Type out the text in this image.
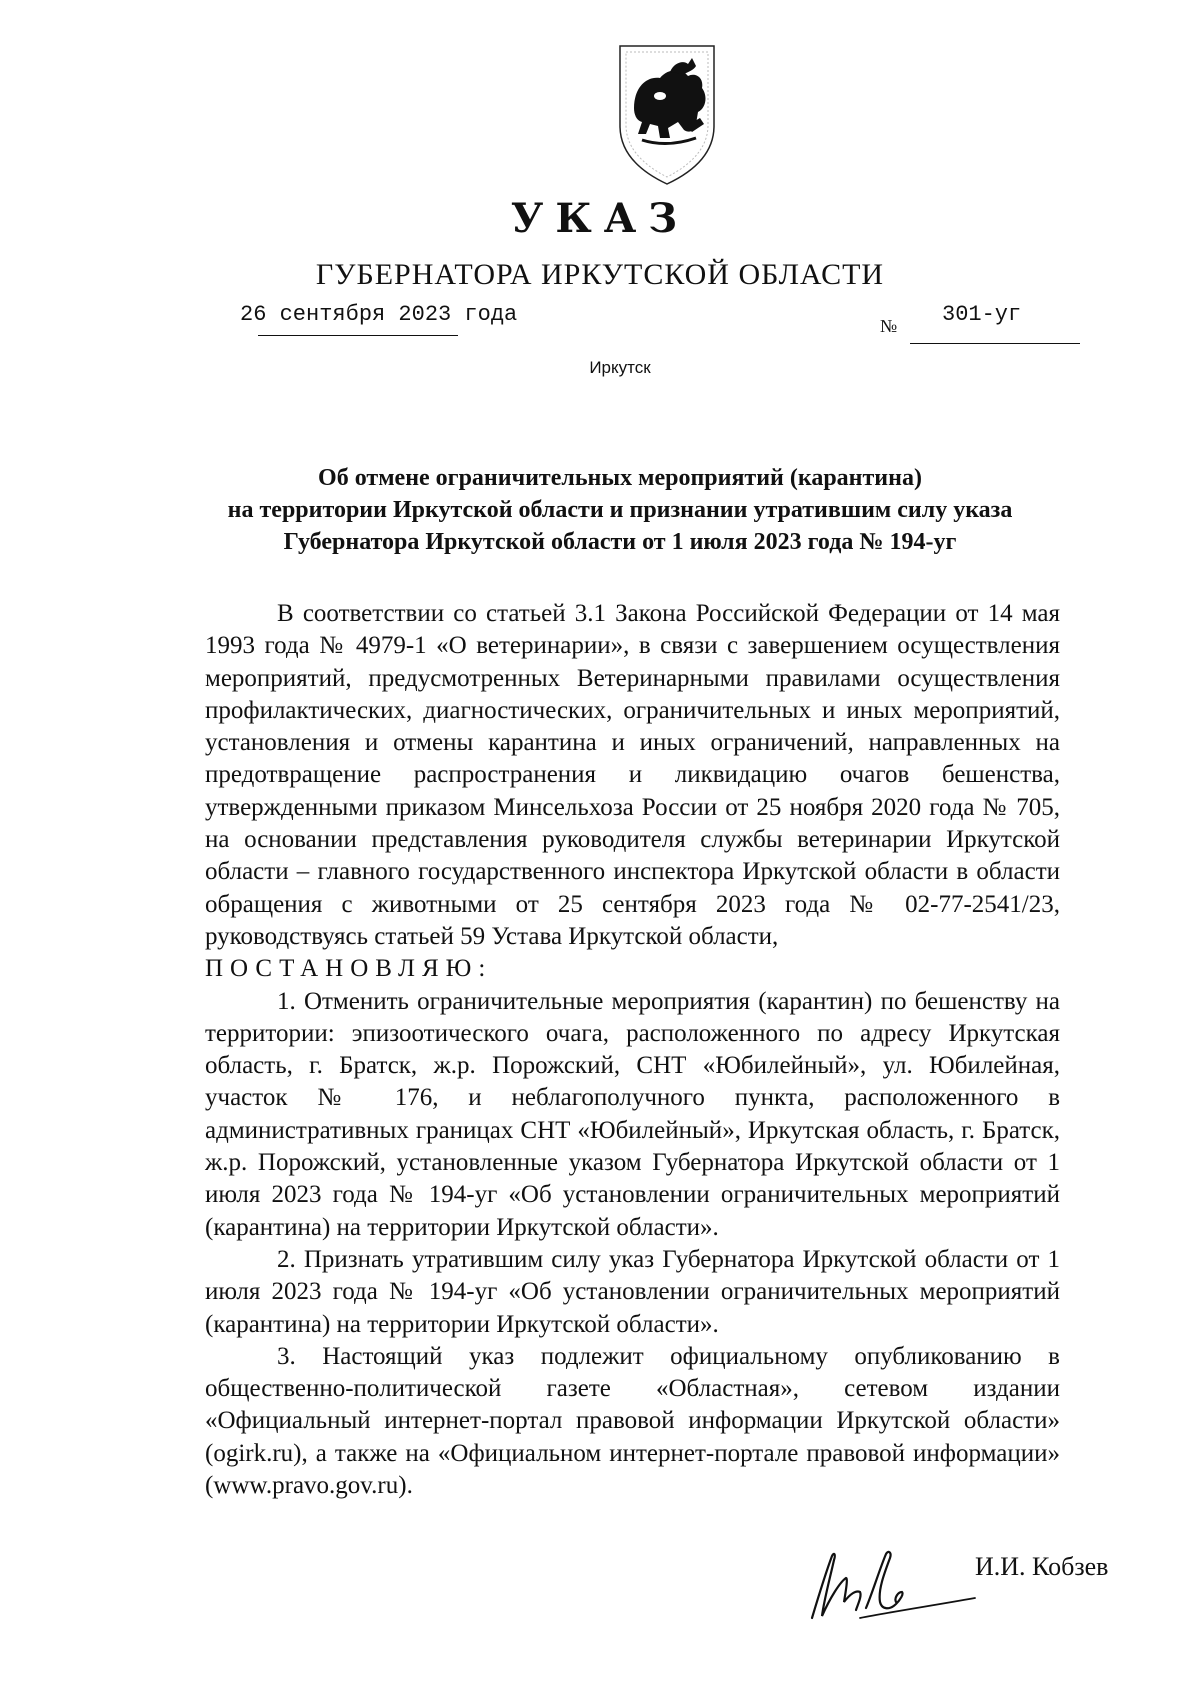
УКАЗ
ГУБЕРНАТОРА ИРКУТСКОЙ ОБЛАСТИ
26 сентября 2023 года	№ 301-уг
Иркутск
Об отмене ограничительных мероприятий (карантина)
на территории Иркутской области и признании утратившим силу указа
Губернатора Иркутской области от 1 июля 2023 года № 194-уг

В соответствии со статьей 3.1 Закона Российской Федерации от 14 мая 1993 года № 4979-1 «О ветеринарии», в связи с завершением осуществления мероприятий, предусмотренных Ветеринарными правилами осуществления профилактических, диагностических, ограничительных и иных мероприятий, установления и отмены карантина и иных ограничений, направленных на предотвращение распространения и ликвидацию очагов бешенства, утвержденными приказом Минсельхоза России от 25 ноября 2020 года № 705, на основании представления руководителя службы ветеринарии Иркутской области – главного государственного инспектора Иркутской области в области обращения с животными от 25 сентября 2023 года № 02-77-2541/23, руководствуясь статьей 59 Устава Иркутской области,

ПОСТАНОВЛЯЮ:

1. Отменить ограничительные мероприятия (карантин) по бешенству на территории: эпизоотического очага, расположенного по адресу Иркутская область, г. Братск, ж.р. Порожский, СНТ «Юбилейный», ул. Юбилейная, участок № 176, и неблагополучного пункта, расположенного в административных границах СНТ «Юбилейный», Иркутская область, г. Братск, ж.р. Порожский, установленные указом Губернатора Иркутской области от 1 июля 2023 года № 194-уг «Об установлении ограничительных мероприятий (карантина) на территории Иркутской области».

2. Признать утратившим силу указ Губернатора Иркутской области от 1 июля 2023 года № 194-уг «Об установлении ограничительных мероприятий (карантина) на территории Иркутской области».

3. Настоящий указ подлежит официальному опубликованию в общественно-политической газете «Областная», сетевом издании «Официальный интернет-портал правовой информации Иркутской области» (ogirk.ru), а также на «Официальном интернет-портале правовой информации» (www.pravo.gov.ru).

И.И. Кобзев
